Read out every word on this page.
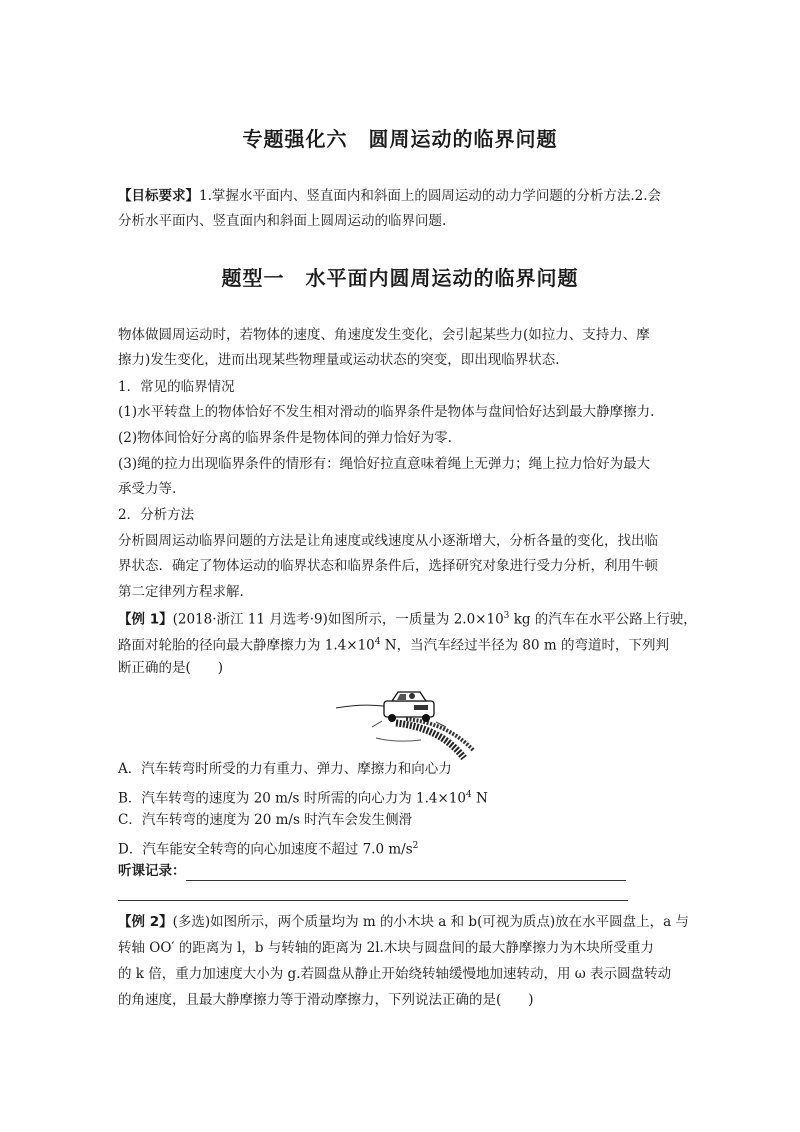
专题强化六　圆周运动的临界问题
【目标要求】1.掌握水平面内、竖直面内和斜面上的圆周运动的动力学问题的分析方法.2.会
分析水平面内、竖直面内和斜面上圆周运动的临界问题.
题型一　水平面内圆周运动的临界问题
物体做圆周运动时，若物体的速度、角速度发生变化，会引起某些力(如拉力、支持力、摩
擦力)发生变化，进而出现某些物理量或运动状态的突变，即出现临界状态.
1．常见的临界情况
(1)水平转盘上的物体恰好不发生相对滑动的临界条件是物体与盘间恰好达到最大静摩擦力.
(2)物体间恰好分离的临界条件是物体间的弹力恰好为零.
(3)绳的拉力出现临界条件的情形有：绳恰好拉直意味着绳上无弹力；绳上拉力恰好为最大
承受力等.
2．分析方法
分析圆周运动临界问题的方法是让角速度或线速度从小逐渐增大，分析各量的变化，找出临
界状态．确定了物体运动的临界状态和临界条件后，选择研究对象进行受力分析，利用牛顿
第二定律列方程求解.
【例 1】(2018·浙江 11 月选考·9)如图所示，一质量为 $2.0\times 10^3$ kg 的汽车在水平公路上行驶，
路面对轮胎的径向最大静摩擦力为 $1.4\times 10^4$ N，当汽车经过半径为 80 m 的弯道时，下列判
断正确的是(　　)
A．汽车转弯时所受的力有重力、弹力、摩擦力和向心力
B．汽车转弯的速度为 20 m/s 时所需的向心力为 $1.4\times 10^4$ N
C．汽车转弯的速度为 20 m/s 时汽车会发生侧滑
D．汽车能安全转弯的向心加速度不超过 7.0 $m/s^2$
听课记录：
【例 2】(多选)如图所示，两个质量均为 m 的小木块 a 和 b(可视为质点)放在水平圆盘上，a 与
转轴 OO′ 的距离为 l，b 与转轴的距离为 2l.木块与圆盘间的最大静摩擦力为木块所受重力
的 k 倍，重力加速度大小为 g.若圆盘从静止开始绕转轴缓慢地加速转动，用 ω 表示圆盘转动
的角速度，且最大静摩擦力等于滑动摩擦力，下列说法正确的是(　　)
